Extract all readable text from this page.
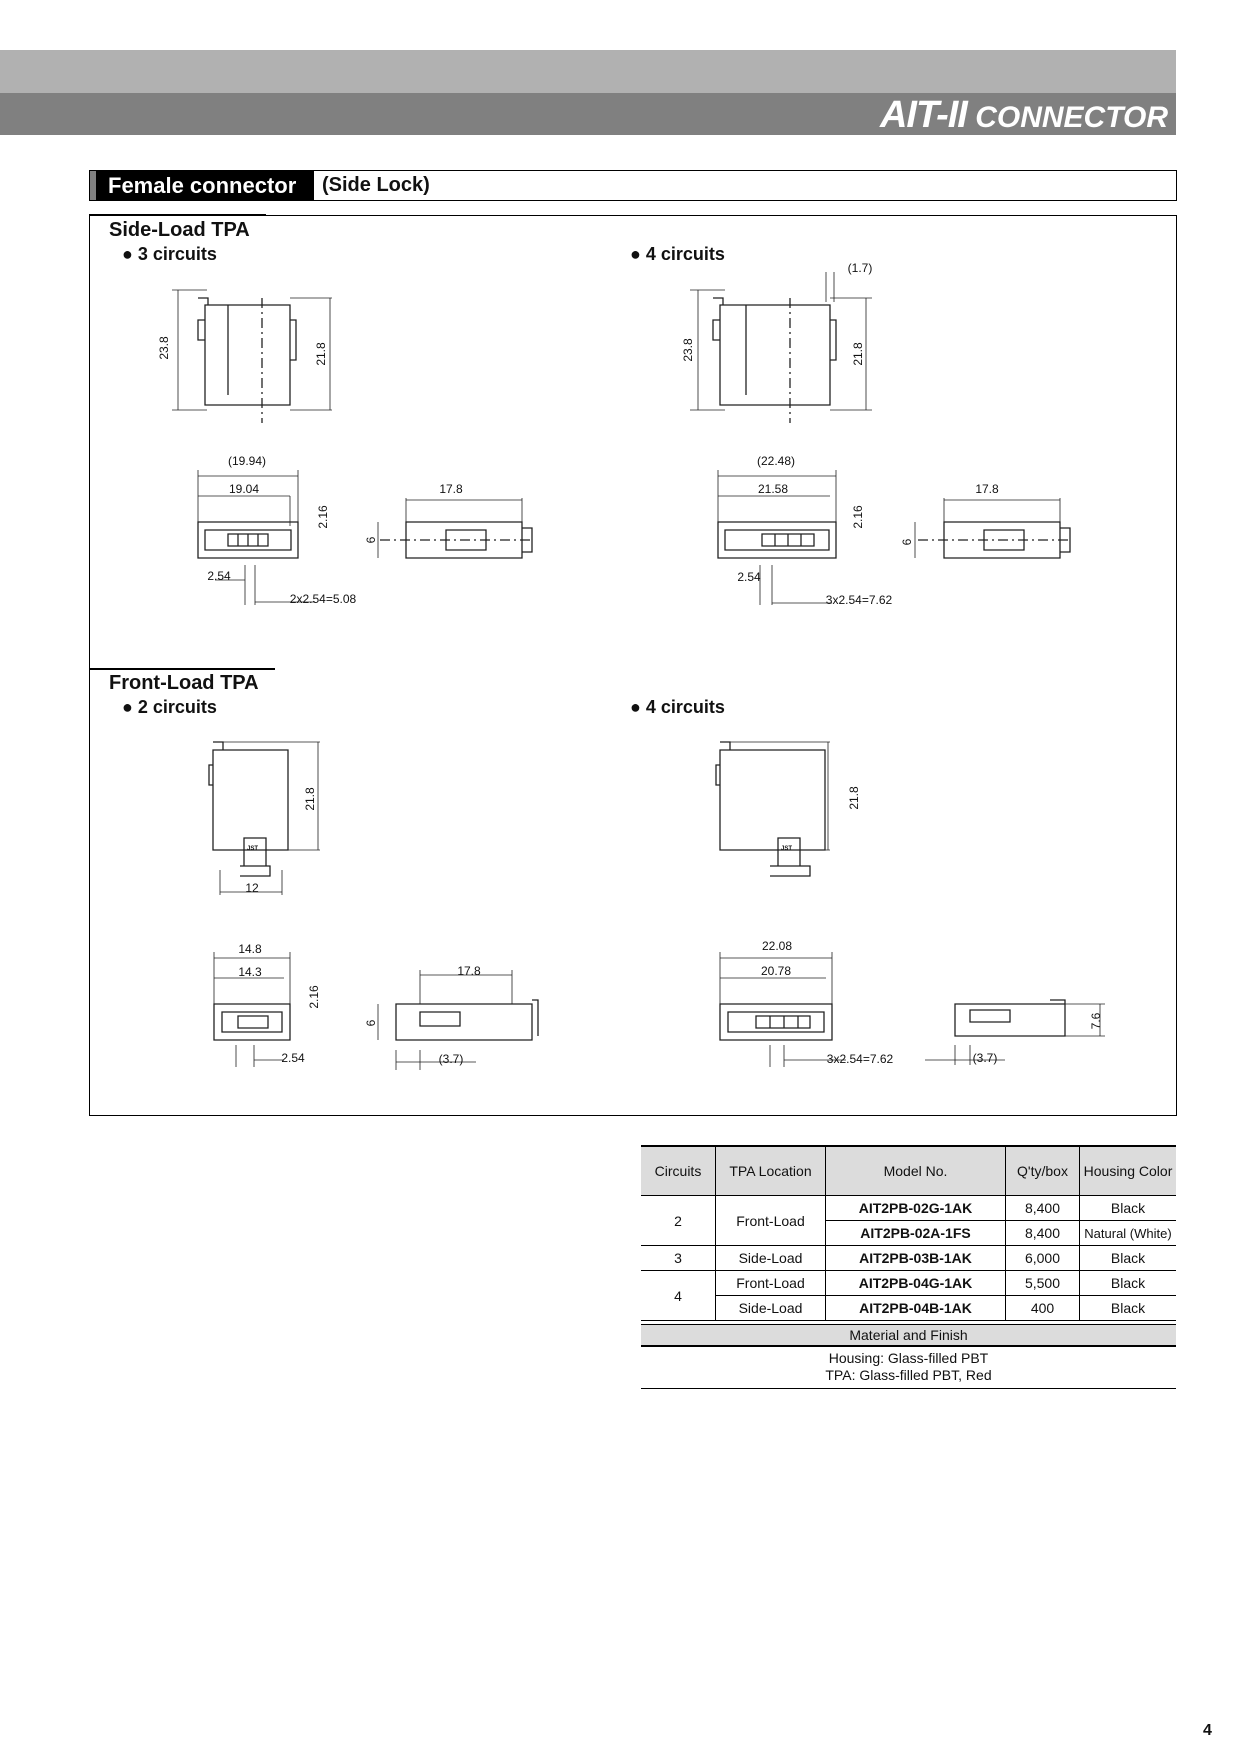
AIT-II CONNECTOR
Female connector (Side Lock)
Side-Load TPA
● 3 circuits	● 4 circuits
Front-Load TPA
● 2 circuits	● 4 circuits
JST	JST
23.8	21.8
(19.94)
19.04
2.16
6
17.8
2.54
2x2.54=5.08
(1.7)
23.8	21.8
(22.48)
21.58
2.16
6
17.8
2.54
3x2.54=7.62
21.8
12
14.8
14.3
2.16
6
17.8
2.54	(3.7)
21.8
22.08
20.78
3x2.54=7.62	(3.7)
7.6
Circuits	TPA Location	Model No.	Q'ty/box	Housing Color
2	Front-Load	AIT2PB-02G-1AK	8,400	Black
		AIT2PB-02A-1FS	8,400	Natural (White)
3	Side-Load	AIT2PB-03B-1AK	6,000	Black
4	Front-Load	AIT2PB-04G-1AK	5,500	Black
	Side-Load	AIT2PB-04B-1AK	400	Black
Material and Finish
Housing: Glass-filled PBT
TPA: Glass-filled PBT, Red
4
